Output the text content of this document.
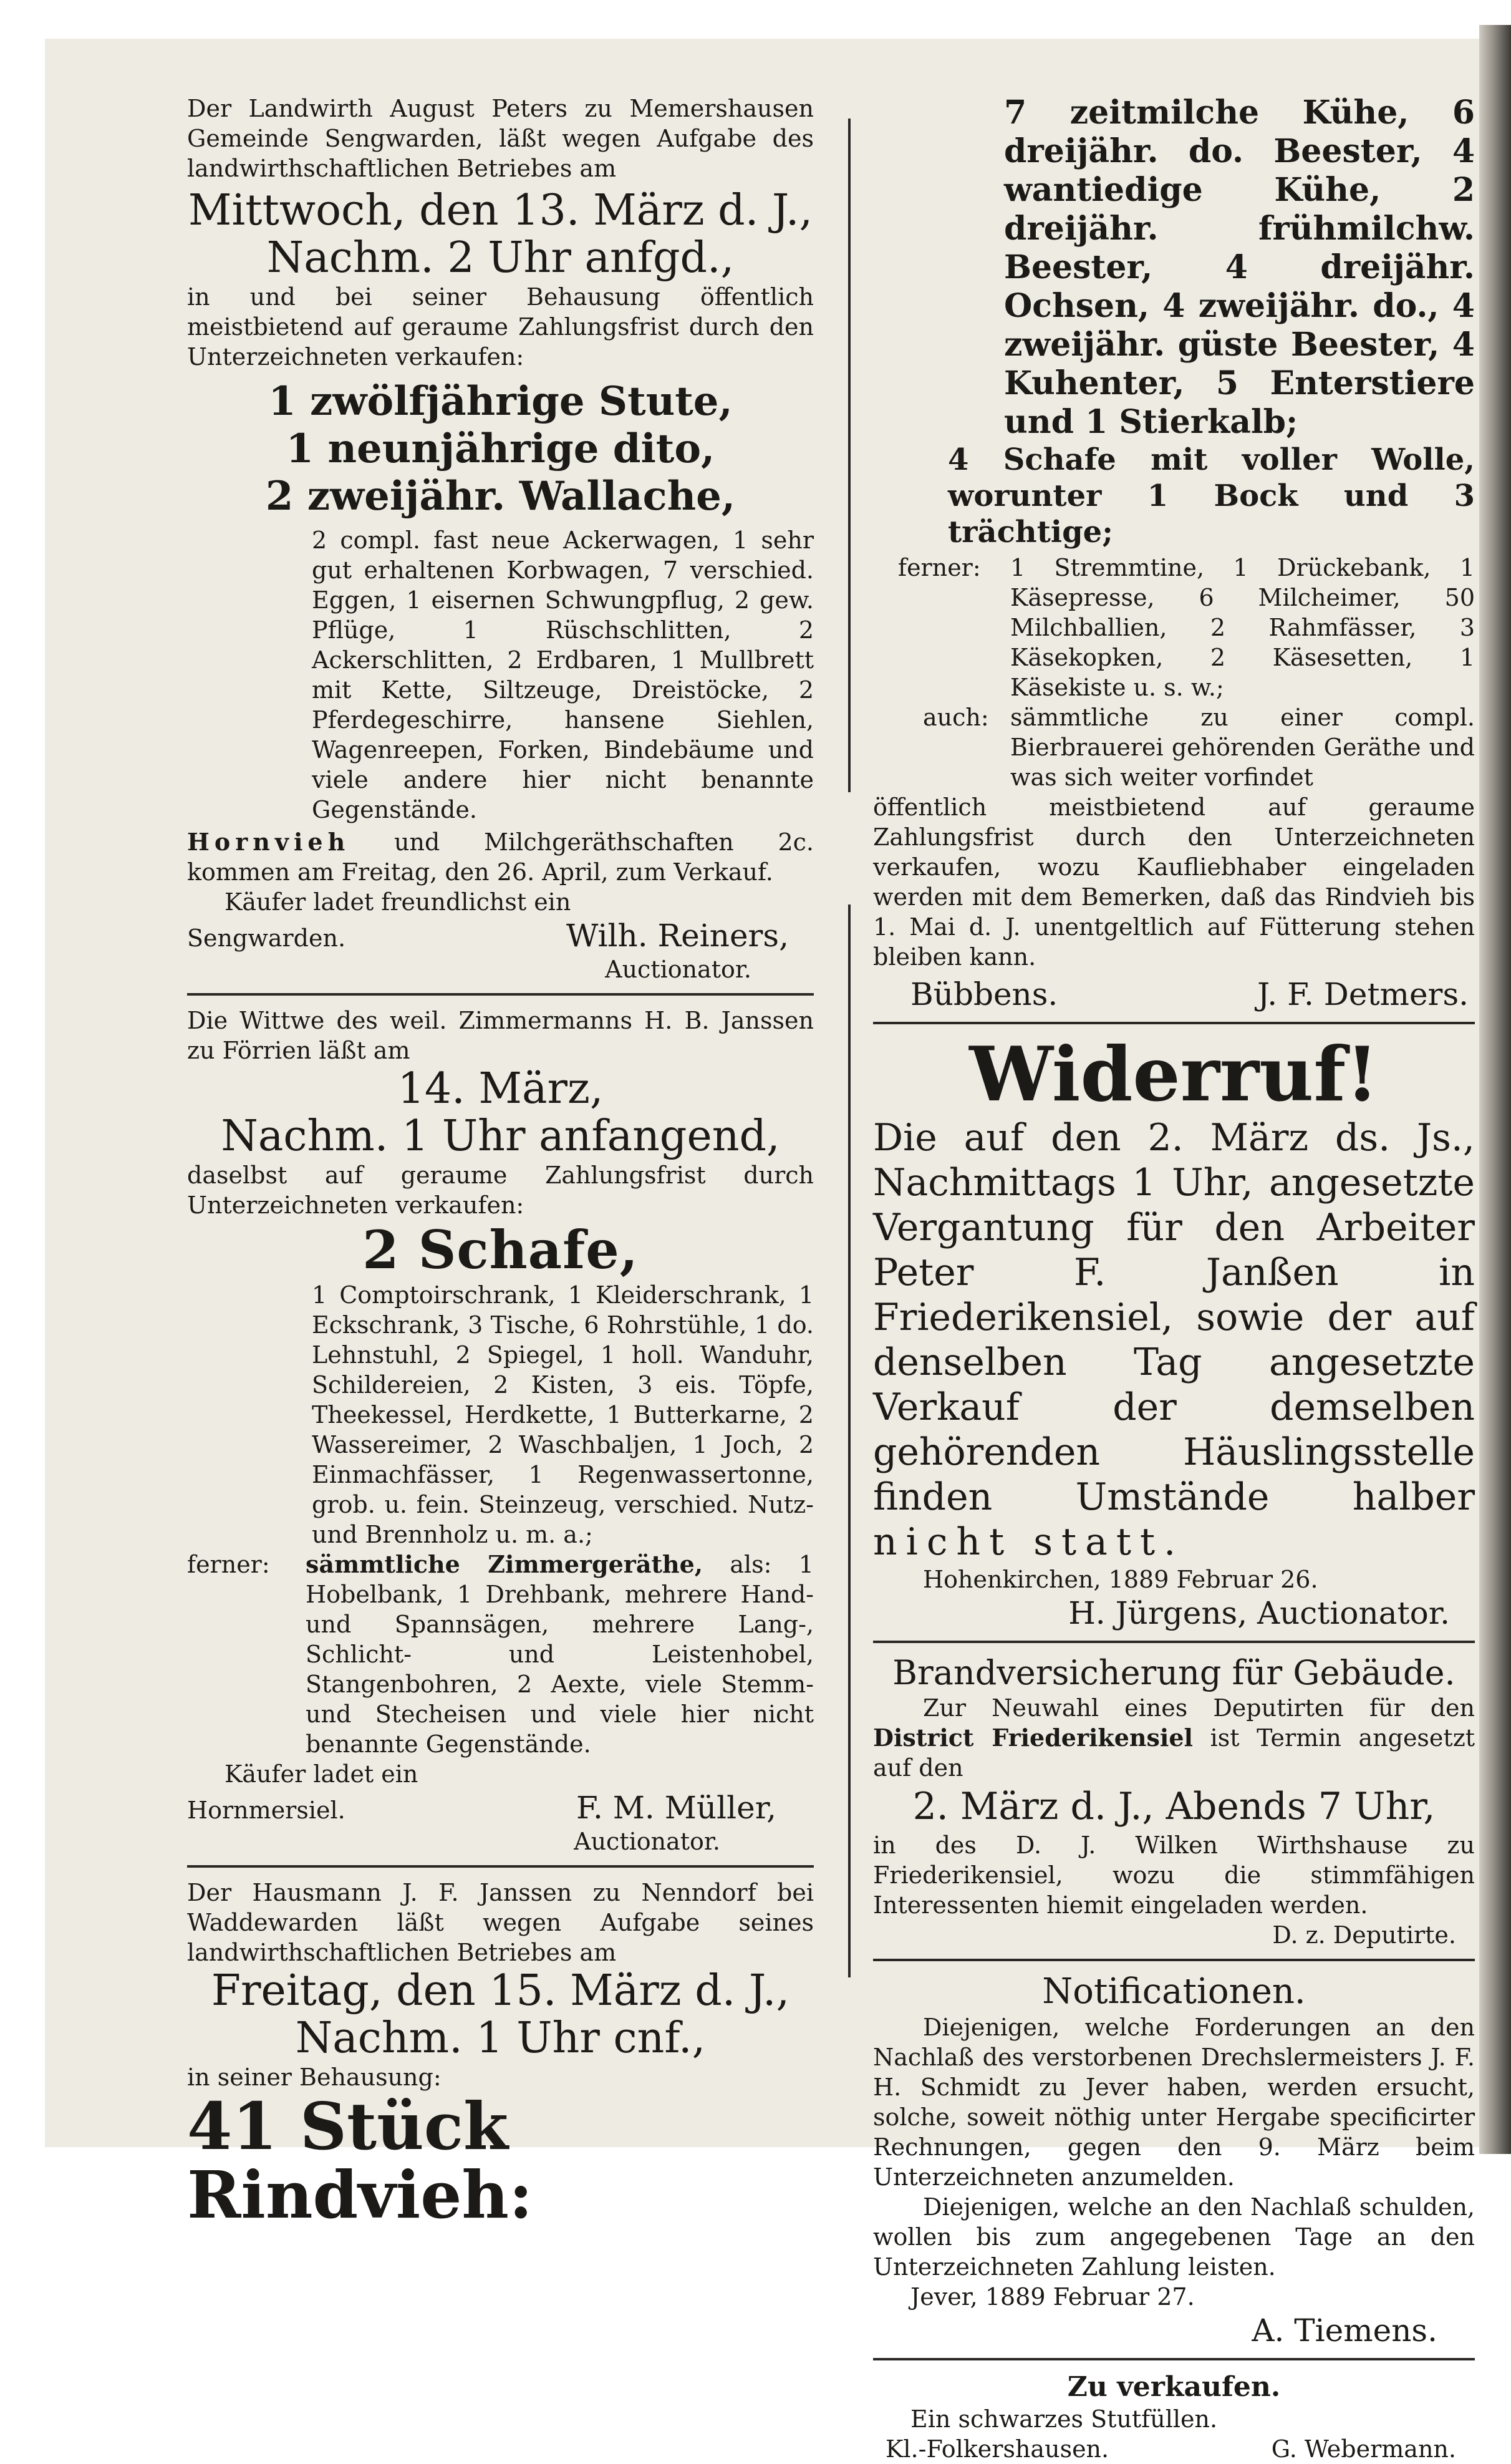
Der Landwirth August Peters zu Memershausen Gemeinde Sengwarden, läßt wegen Aufgabe des landwirthschaftlichen Betriebes am

Mittwoch, den 13. März d. J.,

Nachm. 2 Uhr anfgd.,

in und bei seiner Behausung öffentlich meistbietend auf geraume Zahlungsfrist durch den Unterzeichneten verkaufen:

1 zwölfjährige Stute,

1 neunjährige dito,

2 zweijähr. Wallache,

2 compl. fast neue Ackerwagen, 1 sehr gut erhaltenen Korbwagen, 7 verschied. Eggen, 1 eisernen Schwungpflug, 2 gew. Pflüge, 1 Rüschschlitten, 2 Ackerschlitten, 2 Erdbaren, 1 Mullbrett mit Kette, Siltzeuge, Dreistöcke, 2 Pferdegeschirre, hansene Siehlen, Wagenreepen, Forken, Bindebäume und viele andere hier nicht benannte Gegenstände.

Hornvieh und Milchgeräthschaften 2c. kommen am Freitag, den 26. April, zum Verkauf.

Käufer ladet freundlichst ein

Sengwarden.	Wilh. Reiners,

Auctionator.

Die Wittwe des weil. Zimmermanns H. B. Janssen zu Förrien läßt am

14. März,

Nachm. 1 Uhr anfangend,

daselbst auf geraume Zahlungsfrist durch Unterzeichneten verkaufen:

2 Schafe,

1 Comptoirschrank, 1 Kleiderschrank, 1 Eckschrank, 3 Tische, 6 Rohrstühle, 1 do. Lehnstuhl, 2 Spiegel, 1 holl. Wanduhr, Schildereien, 2 Kisten, 3 eis. Töpfe, Theekessel, Herdkette, 1 Butterkarne, 2 Wassereimer, 2 Waschbaljen, 1 Joch, 2 Einmachfässer, 1 Regenwassertonne, grob. u. fein. Steinzeug, verschied. Nutz- und Brennholz u. m. a.;

ferner:	sämmtliche Zimmergeräthe, als: 1 Hobelbank, 1 Drehbank, mehrere Hand- und Spannsägen, mehrere Lang-, Schlicht- und Leistenhobel, Stangenbohren, 2 Aexte, viele Stemm- und Stecheisen und viele hier nicht benannte Gegenstände.

Käufer ladet ein

Hornmersiel.	F. M. Müller,

Auctionator.

Der Hausmann J. F. Janssen zu Nenndorf bei Waddewarden läßt wegen Aufgabe seines landwirthschaftlichen Betriebes am

Freitag, den 15. März d. J.,

Nachm. 1 Uhr cnf.,

in seiner Behausung:

41 Stück Rindvieh:

7 zeitmilche Kühe, 6 dreijähr. do. Beester, 4 wantiedige Kühe, 2 dreijähr. frühmilchw. Beester, 4 dreijähr. Ochsen, 4 zweijähr. do., 4 zweijähr. güste Beester, 4 Kuhenter, 5 Enterstiere und 1 Stierkalb;

4 Schafe mit voller Wolle, worunter 1 Bock und 3 trächtige;

ferner:	1 Stremmtine, 1 Drückebank, 1 Käsepresse, 6 Milcheimer, 50 Milchballien, 2 Rahmfässer, 3 Käsekopken, 2 Käsesetten, 1 Käsekiste u. s. w.;

auch: sämmtliche zu einer compl. Bierbrauerei gehörenden Geräthe und was sich weiter vorfindet

öffentlich meistbietend auf geraume Zahlungsfrist durch den Unterzeichneten verkaufen, wozu Kaufliebhaber eingeladen werden mit dem Bemerken, daß das Rindvieh bis 1. Mai d. J. unentgeltlich auf Fütterung stehen bleiben kann.

Bübbens.	J. F. Detmers.

Widerruf!

Die auf den 2. März ds. Js., Nachmittags 1 Uhr, angesetzte Vergantung für den Arbeiter Peter F. Janßen in Friederikensiel, sowie der auf denselben Tag angesetzte Verkauf der demselben gehörenden Häuslingsstelle finden Umstände halber nicht statt.

Hohenkirchen, 1889 Februar 26.

H. Jürgens, Auctionator.

Brandversicherung für Gebäude.

Zur Neuwahl eines Deputirten für den District Friederikensiel ist Termin angesetzt auf den

2. März d. J., Abends 7 Uhr,

in des D. J. Wilken Wirthshause zu Friederikensiel, wozu die stimmfähigen Interessenten hiemit eingeladen werden.

D. z. Deputirte.

Notificationen.

Diejenigen, welche Forderungen an den Nachlaß des verstorbenen Drechslermeisters J. F. H. Schmidt zu Jever haben, werden ersucht, solche, soweit nöthig unter Hergabe specificirter Rechnungen, gegen den 9. März beim Unterzeichneten anzumelden.

Diejenigen, welche an den Nachlaß schulden, wollen bis zum angegebenen Tage an den Unterzeichneten Zahlung leisten.

Jever, 1889 Februar 27.

A. Tiemens.

Zu verkaufen.

Ein schwarzes Stutfüllen.

Kl.-Folkershausen.	G. Webermann.
